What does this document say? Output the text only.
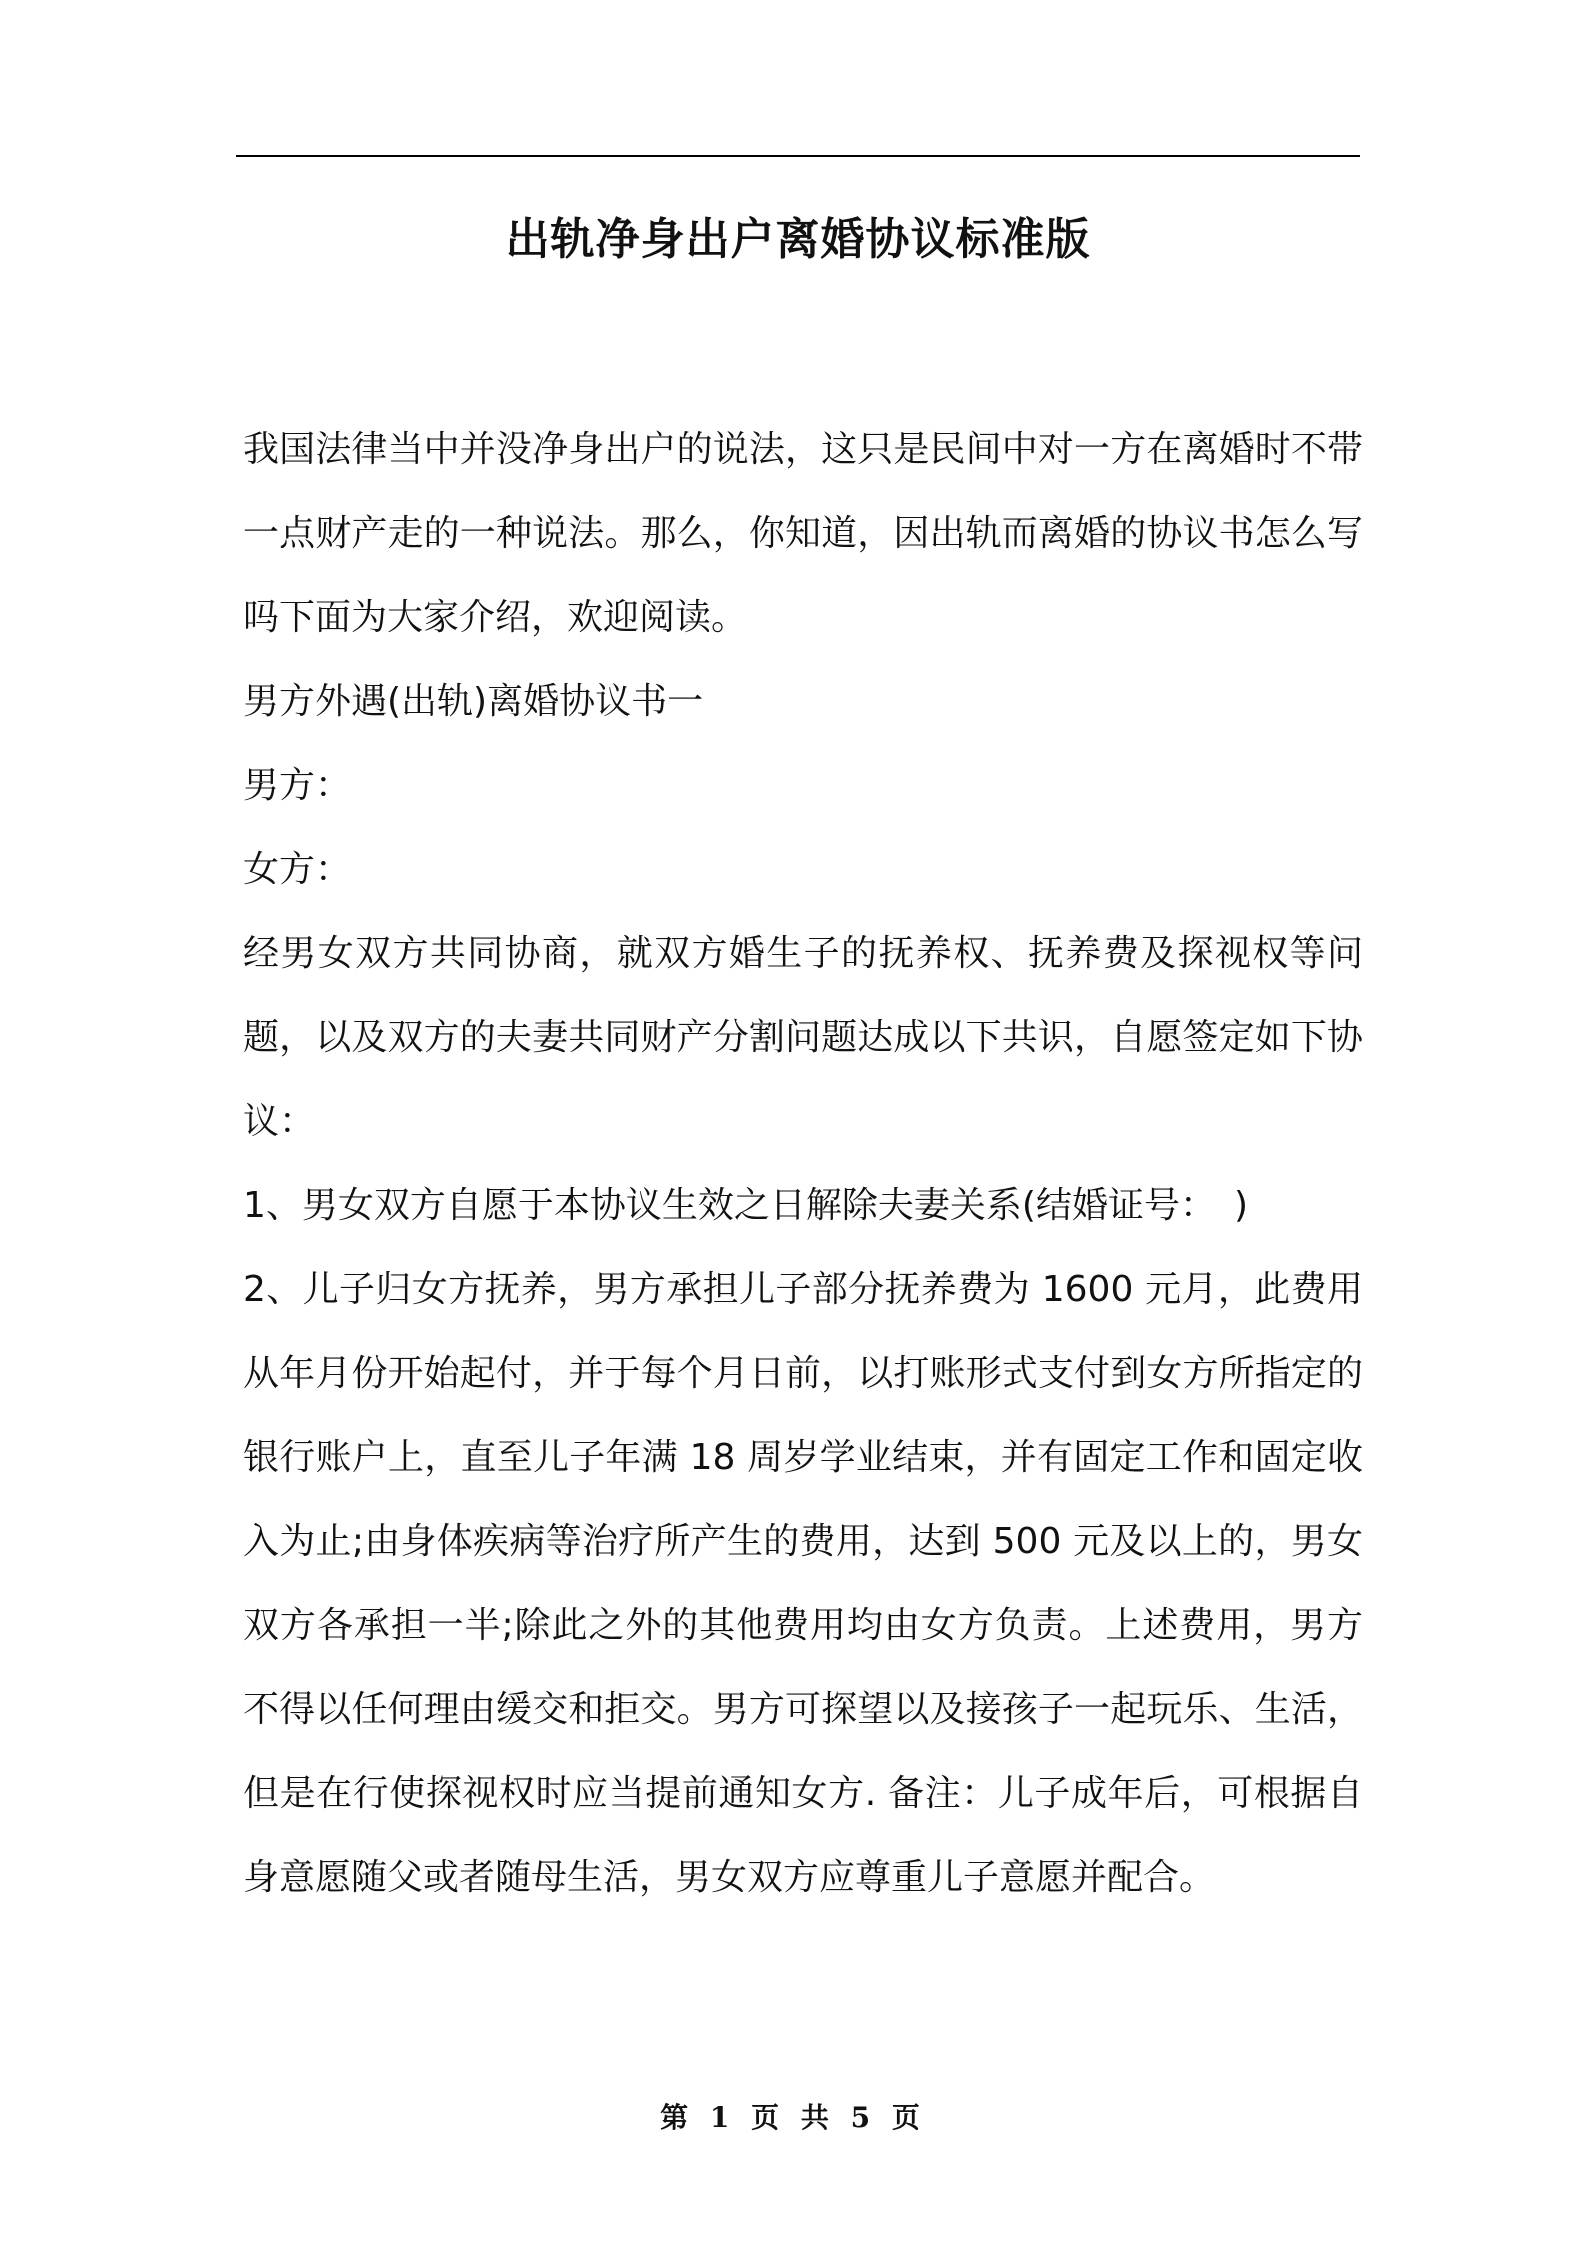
出轨净身出户离婚协议标准版

我国法律当中并没净身出户的说法，这只是民间中对一方在离婚时不带一点财产走的一种说法。那么，你知道，因出轨而离婚的协议书怎么写吗下面为大家介绍，欢迎阅读。

男方外遇(出轨)离婚协议书一

男方：

女方：

经男女双方共同协商，就双方婚生子的抚养权、抚养费及探视权等问题，以及双方的夫妻共同财产分割问题达成以下共识，自愿签定如下协议：

1、男女双方自愿于本协议生效之日解除夫妻关系(结婚证号：　)

2、儿子归女方抚养，男方承担儿子部分抚养费为 1600 元月，此费用从年月份开始起付，并于每个月日前，以打账形式支付到女方所指定的银行账户上，直至儿子年满 18 周岁学业结束，并有固定工作和固定收入为止;由身体疾病等治疗所产生的费用，达到 500 元及以上的，男女双方各承担一半;除此之外的其他费用均由女方负责。上述费用，男方不得以任何理由缓交和拒交。男方可探望以及接孩子一起玩乐、生活，但是在行使探视权时应当提前通知女方. 备注：儿子成年后，可根据自身意愿随父或者随母生活，男女双方应尊重儿子意愿并配合。

第 1 页 共 5 页
